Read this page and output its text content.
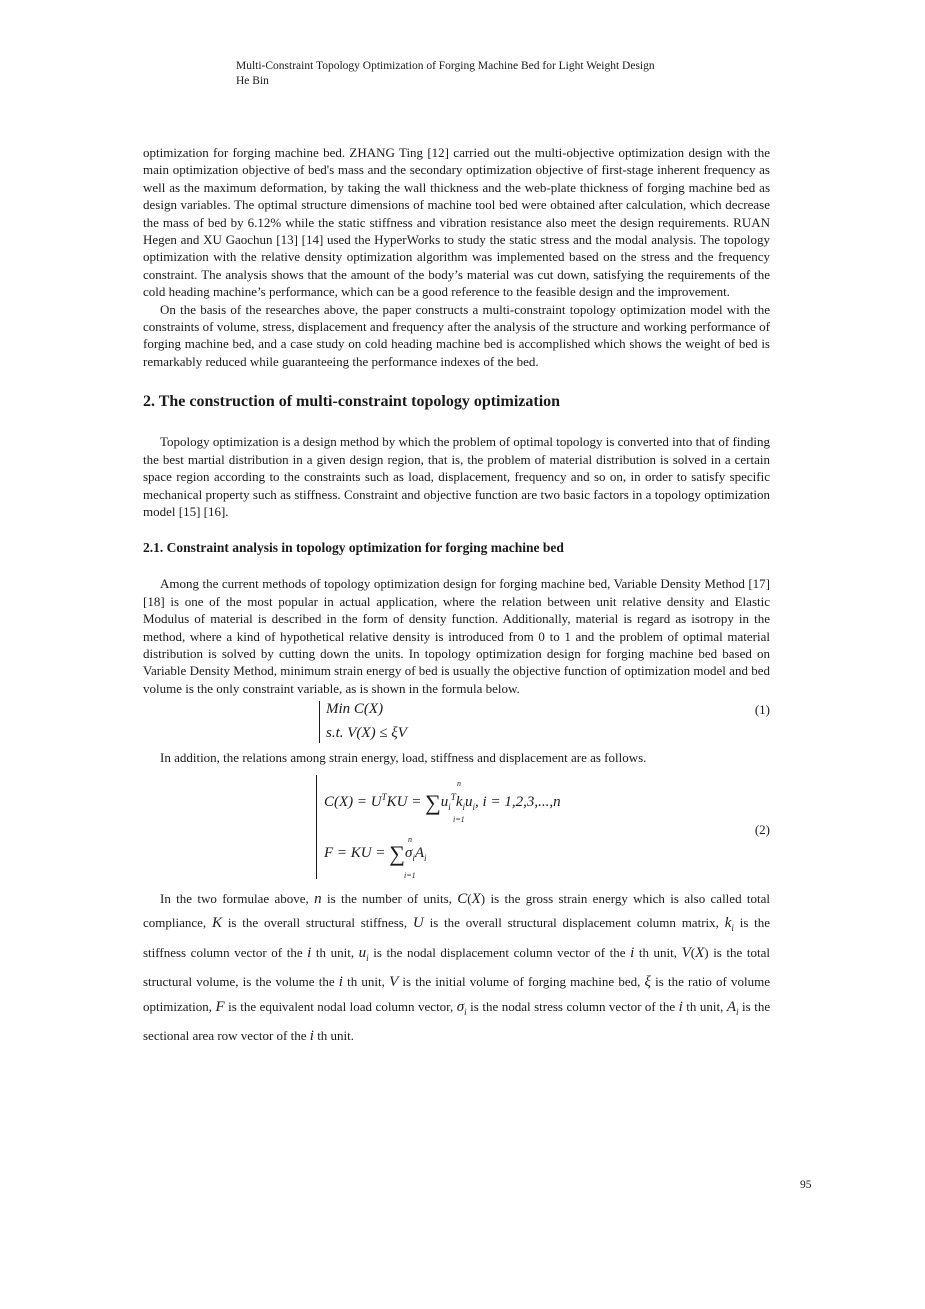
Multi-Constraint Topology Optimization of Forging Machine Bed for Light Weight Design
He Bin

optimization for forging machine bed. ZHANG Ting [12] carried out the multi-objective optimization design with the main optimization objective of bed's mass and the secondary optimization objective of first-stage inherent frequency as well as the maximum deformation, by taking the wall thickness and the web-plate thickness of forging machine bed as design variables. The optimal structure dimensions of machine tool bed were obtained after calculation, which decrease the mass of bed by 6.12% while the static stiffness and vibration resistance also meet the design requirements. RUAN Hegen and XU Gaochun [13] [14] used the HyperWorks to study the static stress and the modal analysis. The topology optimization with the relative density optimization algorithm was implemented based on the stress and the frequency constraint. The analysis shows that the amount of the body’s material was cut down, satisfying the requirements of the cold heading machine’s performance, which can be a good reference to the feasible design and the improvement.

On the basis of the researches above, the paper constructs a multi-constraint topology optimization model with the constraints of volume, stress, displacement and frequency after the analysis of the structure and working performance of forging machine bed, and a case study on cold heading machine bed is accomplished which shows the weight of bed is remarkably reduced while guaranteeing the performance indexes of the bed.

2. The construction of multi-constraint topology optimization

Topology optimization is a design method by which the problem of optimal topology is converted into that of finding the best martial distribution in a given design region, that is, the problem of material distribution is solved in a certain space region according to the constraints such as load, displacement, frequency and so on, in order to satisfy specific mechanical property such as stiffness. Constraint and objective function are two basic factors in a topology optimization model [15] [16].

2.1. Constraint analysis in topology optimization for forging machine bed

Among the current methods of topology optimization design for forging machine bed, Variable Density Method [17] [18] is one of the most popular in actual application, where the relation between unit relative density and Elastic Modulus of material is described in the form of density function. Additionally, material is regard as isotropy in the method, where a kind of hypothetical relative density is introduced from 0 to 1 and the problem of optimal material distribution is solved by cutting down the units. In topology optimization design for forging machine bed based on Variable Density Method, minimum strain energy of bed is usually the objective function of optimization model and bed volume is the only constraint variable, as is shown in the formula below.

Min C(X)
s.t. V(X) ≤ ξV
(1)

In addition, the relations among strain energy, load, stiffness and displacement are as follows.

$C(X) = U^TKU = \sum u_i^Tk_iu_i$, i = 1,2,3,...,n
n
i=1
F = KU = $\sum\sigma_iA_i$
n
i=1
(2)

In the two formulae above, n is the number of units, C(X) is the gross strain energy which is also called total compliance, K is the overall structural stiffness, U is the overall structural displacement column matrix, $k_i$ is the stiffness column vector of the i th unit, $u_i$ is the nodal displacement column vector of the i th unit, V(X) is the total structural volume, is the volume the i th unit, V is the initial volume of forging machine bed, ξ is the ratio of volume optimization, F is the equivalent nodal load column vector, $\sigma_i$ is the nodal stress column vector of the i th unit, $A_i$ is the sectional area row vector of the i th unit.

95
